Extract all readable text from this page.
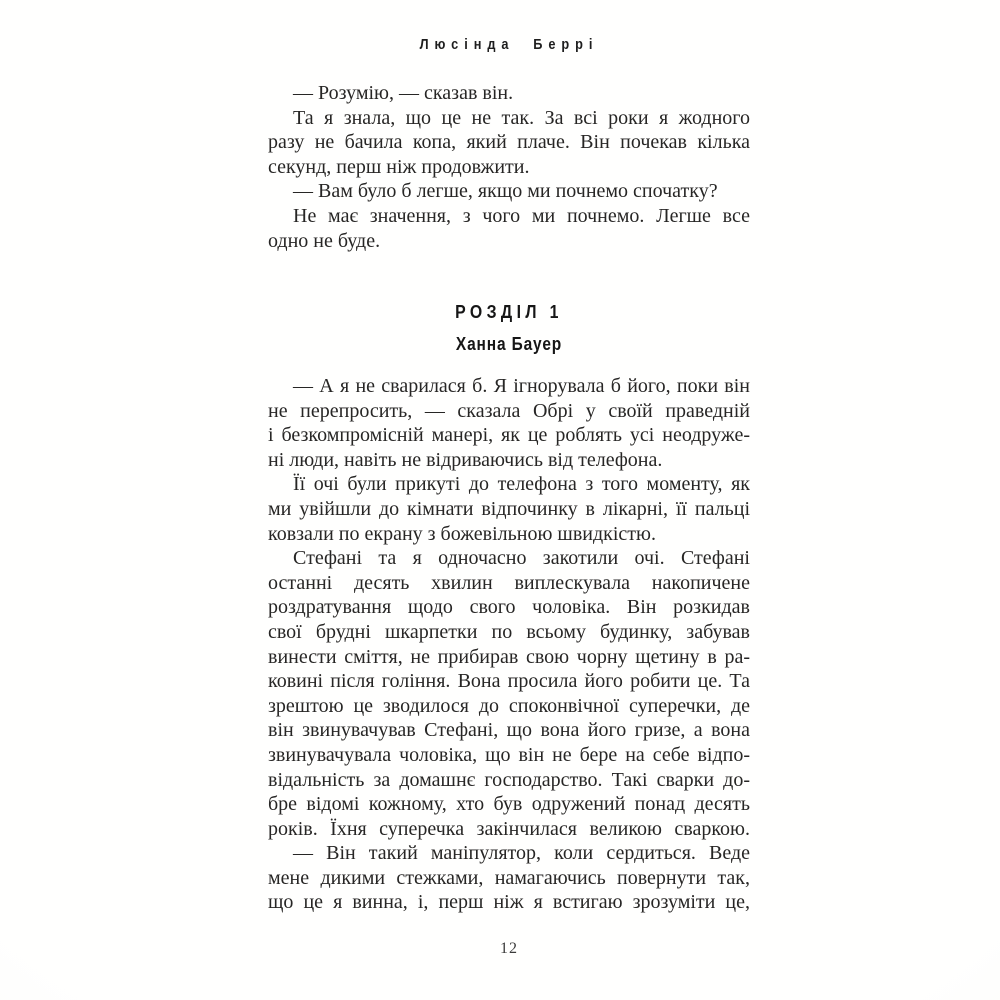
Люсінда Беррі
— Розумію, — сказав він.
Та я знала, що це не так. За всі роки я жодного
разу не бачила копа, який плаче. Він почекав кілька
секунд, перш ніж продовжити.
— Вам було б легше, якщо ми почнемо спочатку?
Не має значення, з чого ми почнемо. Легше все
одно не буде.
РОЗДІЛ 1
Ханна Бауер
— А я не сварилася б. Я ігнорувала б його, поки він
не перепросить, — сказала Обрі у своїй праведній
і безкомпромісній манері, як це роблять усі неодруже-
ні люди, навіть не відриваючись від телефона.
Її очі були прикуті до телефона з того моменту, як
ми увійшли до кімнати відпочинку в лікарні, її пальці
ковзали по екрану з божевільною швидкістю.
Стефані та я одночасно закотили очі. Стефані
останні десять хвилин виплескувала накопичене
роздратування щодо свого чоловіка. Він розкидав
свої брудні шкарпетки по всьому будинку, забував
винести сміття, не прибирав свою чорну щетину в ра-
ковині після гоління. Вона просила його робити це. Та
зрештою це зводилося до споконвічної суперечки, де
він звинувачував Стефані, що вона його гризе, а вона
звинувачувала чоловіка, що він не бере на себе відпо-
відальність за домашнє господарство. Такі сварки до-
бре відомі кожному, хто був одружений понад десять
років. Їхня суперечка закінчилася великою сваркою.
— Він такий маніпулятор, коли сердиться. Веде
мене дикими стежками, намагаючись повернути так,
що це я винна, і, перш ніж я встигаю зрозуміти це,
12
